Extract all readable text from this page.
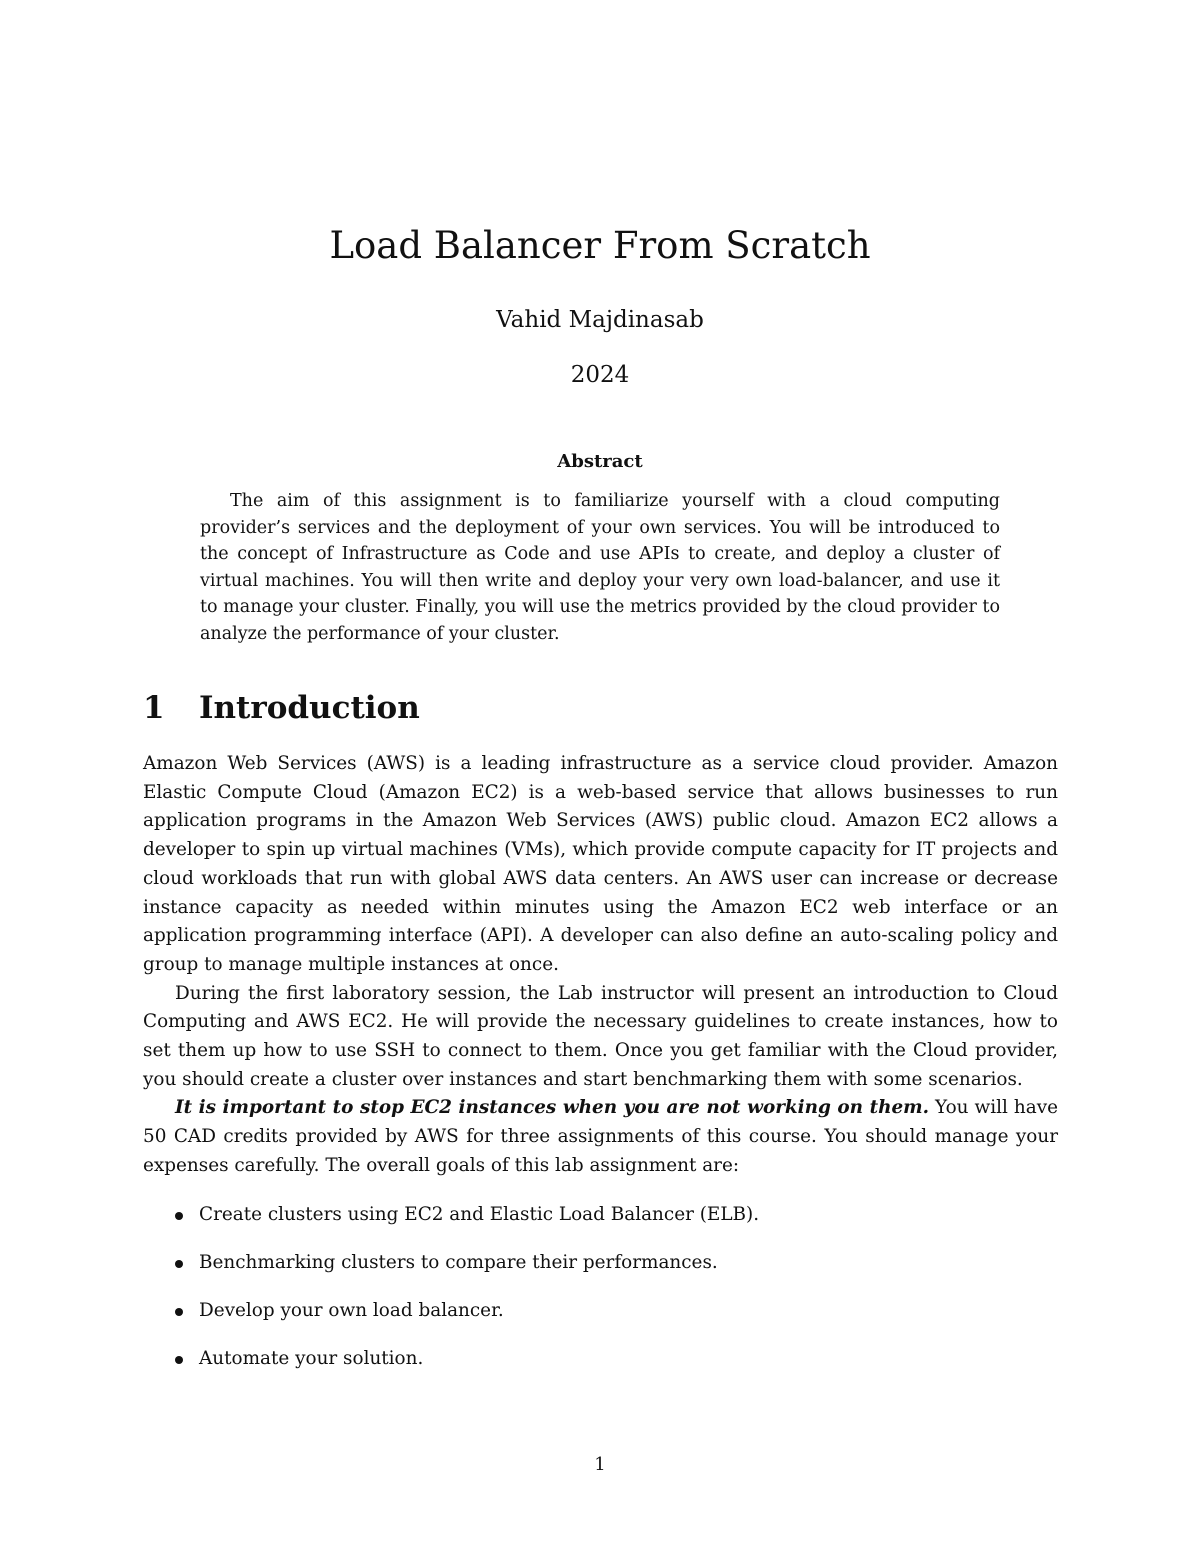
Load Balancer From Scratch
Vahid Majdinasab
2024
Abstract

The aim of this assignment is to familiarize yourself with a cloud computing provider’s services and the deployment of your own services. You will be introduced to the concept of Infrastructure as Code and use APIs to create, and deploy a cluster of virtual machines. You will then write and deploy your very own load-balancer, and use it to manage your cluster. Finally, you will use the metrics provided by the cloud provider to analyze the performance of your cluster.

1 Introduction

Amazon Web Services (AWS) is a leading infrastructure as a service cloud provider. Amazon Elastic Compute Cloud (Amazon EC2) is a web-based service that allows businesses to run application programs in the Amazon Web Services (AWS) public cloud. Amazon EC2 allows a developer to spin up virtual machines (VMs), which provide compute capacity for IT projects and cloud workloads that run with global AWS data centers. An AWS user can increase or decrease instance capacity as needed within minutes using the Amazon EC2 web interface or an application programming interface (API). A developer can also define an auto-scaling policy and group to manage multiple instances at once.

During the first laboratory session, the Lab instructor will present an introduction to Cloud Computing and AWS EC2. He will provide the necessary guidelines to create instances, how to set them up how to use SSH to connect to them. Once you get familiar with the Cloud provider, you should create a cluster over instances and start benchmarking them with some scenarios.

It is important to stop EC2 instances when you are not working on them. You will have 50 CAD credits provided by AWS for three assignments of this course. You should manage your expenses carefully. The overall goals of this lab assignment are:

Create clusters using EC2 and Elastic Load Balancer (ELB).
Benchmarking clusters to compare their performances.
Develop your own load balancer.
Automate your solution.
1
